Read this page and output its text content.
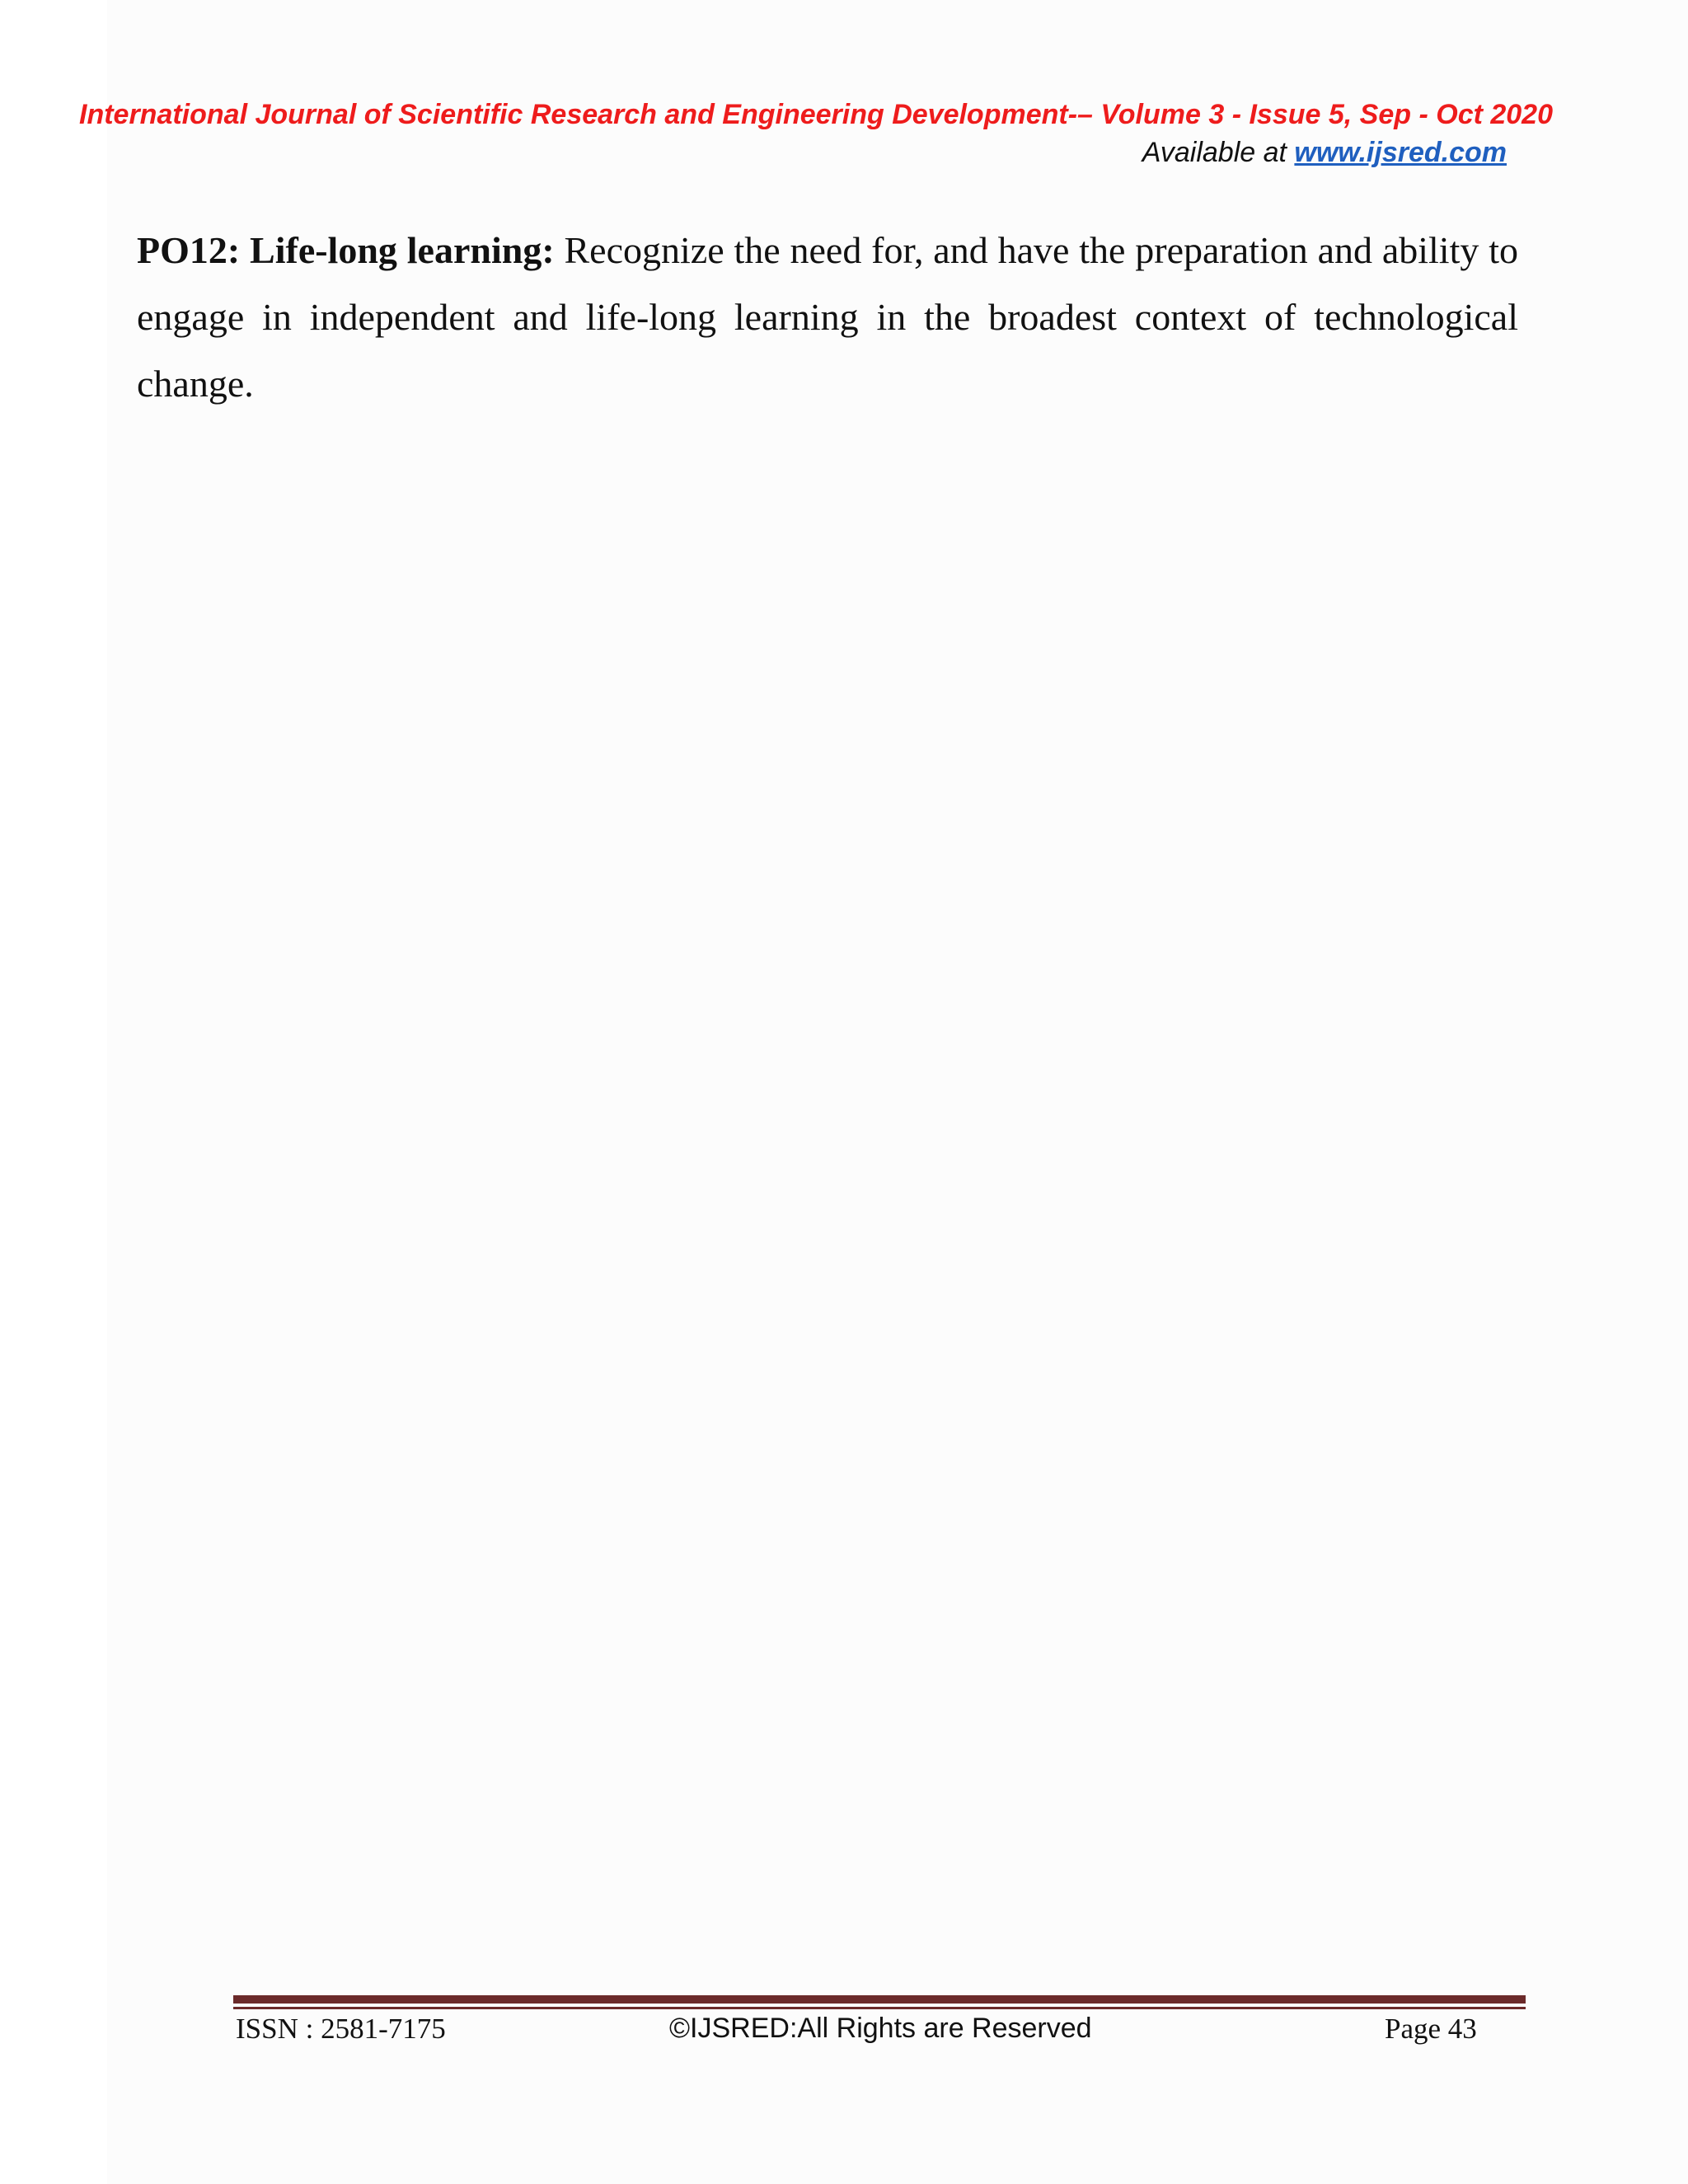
International Journal of Scientific Research and Engineering Development-– Volume 3 - Issue 5, Sep - Oct 2020
Available at www.ijsred.com
PO12: Life-long learning: Recognize the need for, and have the preparation and ability to engage in independent and life-long learning in the broadest context of technological change.
ISSN : 2581-7175	©IJSRED:All Rights are Reserved	Page 43
